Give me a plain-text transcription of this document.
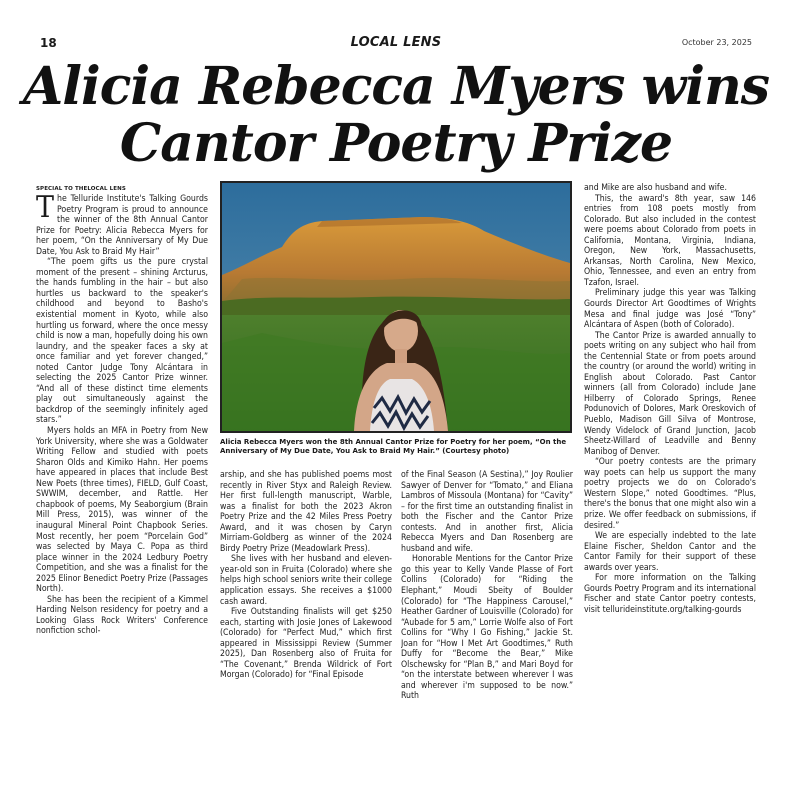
18	LOCAL LENS	October 23, 2025
Alicia Rebecca Myers wins
Cantor Poetry Prize
SPECIAL TO THELOCAL LENS

The Telluride Institute's Talking Gourds Poetry Program is proud to announce the winner of the 8th Annual Cantor Prize for Poetry: Alicia Rebecca Myers for her poem, “On the Anniversary of My Due Date, You Ask to Braid My Hair”

“The poem gifts us the pure crystal moment of the present – shining Arcturus, the hands fumbling in the hair – but also hurtles us backward to the speaker's childhood and beyond to Basho's existential moment in Kyoto, while also hurtling us forward, where the once messy child is now a man, hopefully doing his own laundry, and the speaker faces a sky at once familiar and yet forever changed,” noted Cantor Judge Tony Alcántara in selecting the 2025 Cantor Prize winner. “And all of these distinct time elements play out simultaneously against the backdrop of the seemingly infinitely aged stars.”

Myers holds an MFA in Poetry from New York University, where she was a Goldwater Writing Fellow and studied with poets Sharon Olds and Kimiko Hahn. Her poems have appeared in places that include Best New Poets (three times), FIELD, Gulf Coast, SWWIM, december, and Rattle. Her chapbook of poems, My Seaborgium (Brain Mill Press, 2015), was winner of the inaugural Mineral Point Chapbook Series. Most recently, her poem “Porcelain God” was selected by Maya C. Popa as third place winner in the 2024 Ledbury Poetry Competition, and she was a finalist for the 2025 Elinor Benedict Poetry Prize (Passages North).

She has been the recipient of a Kimmel Harding Nelson residency for poetry and a Looking Glass Rock Writers' Conference nonfiction schol-

Alicia Rebecca Myers won the 8th Annual Cantor Prize for Poetry for her poem, “On the Anniversary of My Due Date, You Ask to Braid My Hair.” (Courtesy photo)

arship, and she has published poems most recently in River Styx and Raleigh Review. Her first full-length manuscript, Warble, was a finalist for both the 2023 Akron Poetry Prize and the 42 Miles Press Poetry Award, and it was chosen by Caryn Mirriam-Goldberg as winner of the 2024 Birdy Poetry Prize (Meadowlark Press).

She lives with her husband and eleven-year-old son in Fruita (Colorado) where she helps high school seniors write their college application essays. She receives a $1000 cash award.

Five Outstanding finalists will get $250 each, starting with Josie Jones of Lakewood (Colorado) for “Perfect Mud,” which first appeared in Mississippi Review (Summer 2025), Dan Rosenberg also of Fruita for “The Covenant,” Brenda Wildrick of Fort Morgan (Colorado) for “Final Episode

of the Final Season (A Sestina),” Joy Roulier Sawyer of Denver for “Tomato,” and Eliana Lambros of Missoula (Montana) for “Cavity” – for the first time an outstanding finalist in both the Fischer and the Cantor Prize contests. And in another first, Alicia Rebecca Myers and Dan Rosenberg are husband and wife.

Honorable Mentions for the Cantor Prize go this year to Kelly Vande Plasse of Fort Collins (Colorado) for “Riding the Elephant,” Moudi Sbeity of Boulder (Colorado) for “The Happiness Carousel,” Heather Gardner of Louisville (Colorado) for “Aubade for 5 am,” Lorrie Wolfe also of Fort Collins for “Why I Go Fishing,” Jackie St. Joan for “How I Met Art Goodtimes,” Ruth Duffy for “Become the Bear,” Mike Olschewsky for “Plan B,” and Mari Boyd for “on the interstate between wherever I was and wherever i'm supposed to be now.” Ruth

and Mike are also husband and wife.

This, the award's 8th year, saw 146 entries from 108 poets mostly from Colorado. But also included in the contest were poems about Colorado from poets in California, Montana, Virginia, Indiana, Oregon, New York, Massachusetts, Arkansas, North Carolina, New Mexico, Ohio, Tennessee, and even an entry from Tzafon, Israel.

Preliminary judge this year was Talking Gourds Director Art Goodtimes of Wrights Mesa and final judge was José “Tony” Alcántara of Aspen (both of Colorado).

The Cantor Prize is awarded annually to poets writing on any subject who hail from the Centennial State or from poets around the country (or around the world) writing in English about Colorado. Past Cantor winners (all from Colorado) include Jane Hilberry of Colorado Springs, Renee Podunovich of Dolores, Mark Oreskovich of Pueblo, Madison Gill Silva of Montrose, Wendy Videlock of Grand Junction, Jacob Sheetz-Willard of Leadville and Benny Manibog of Denver.

“Our poetry contests are the primary way poets can help us support the many poetry projects we do on Colorado's Western Slope,” noted Goodtimes. “Plus, there's the bonus that one might also win a prize. We offer feedback on submissions, if desired.”

We are especially indebted to the late Elaine Fischer, Sheldon Cantor and the Cantor Family for their support of these awards over years.

For more information on the Talking Gourds Poetry Program and its international Fischer and state Cantor poetry contests, visit tellurideinstitute.org/talking-gourds
